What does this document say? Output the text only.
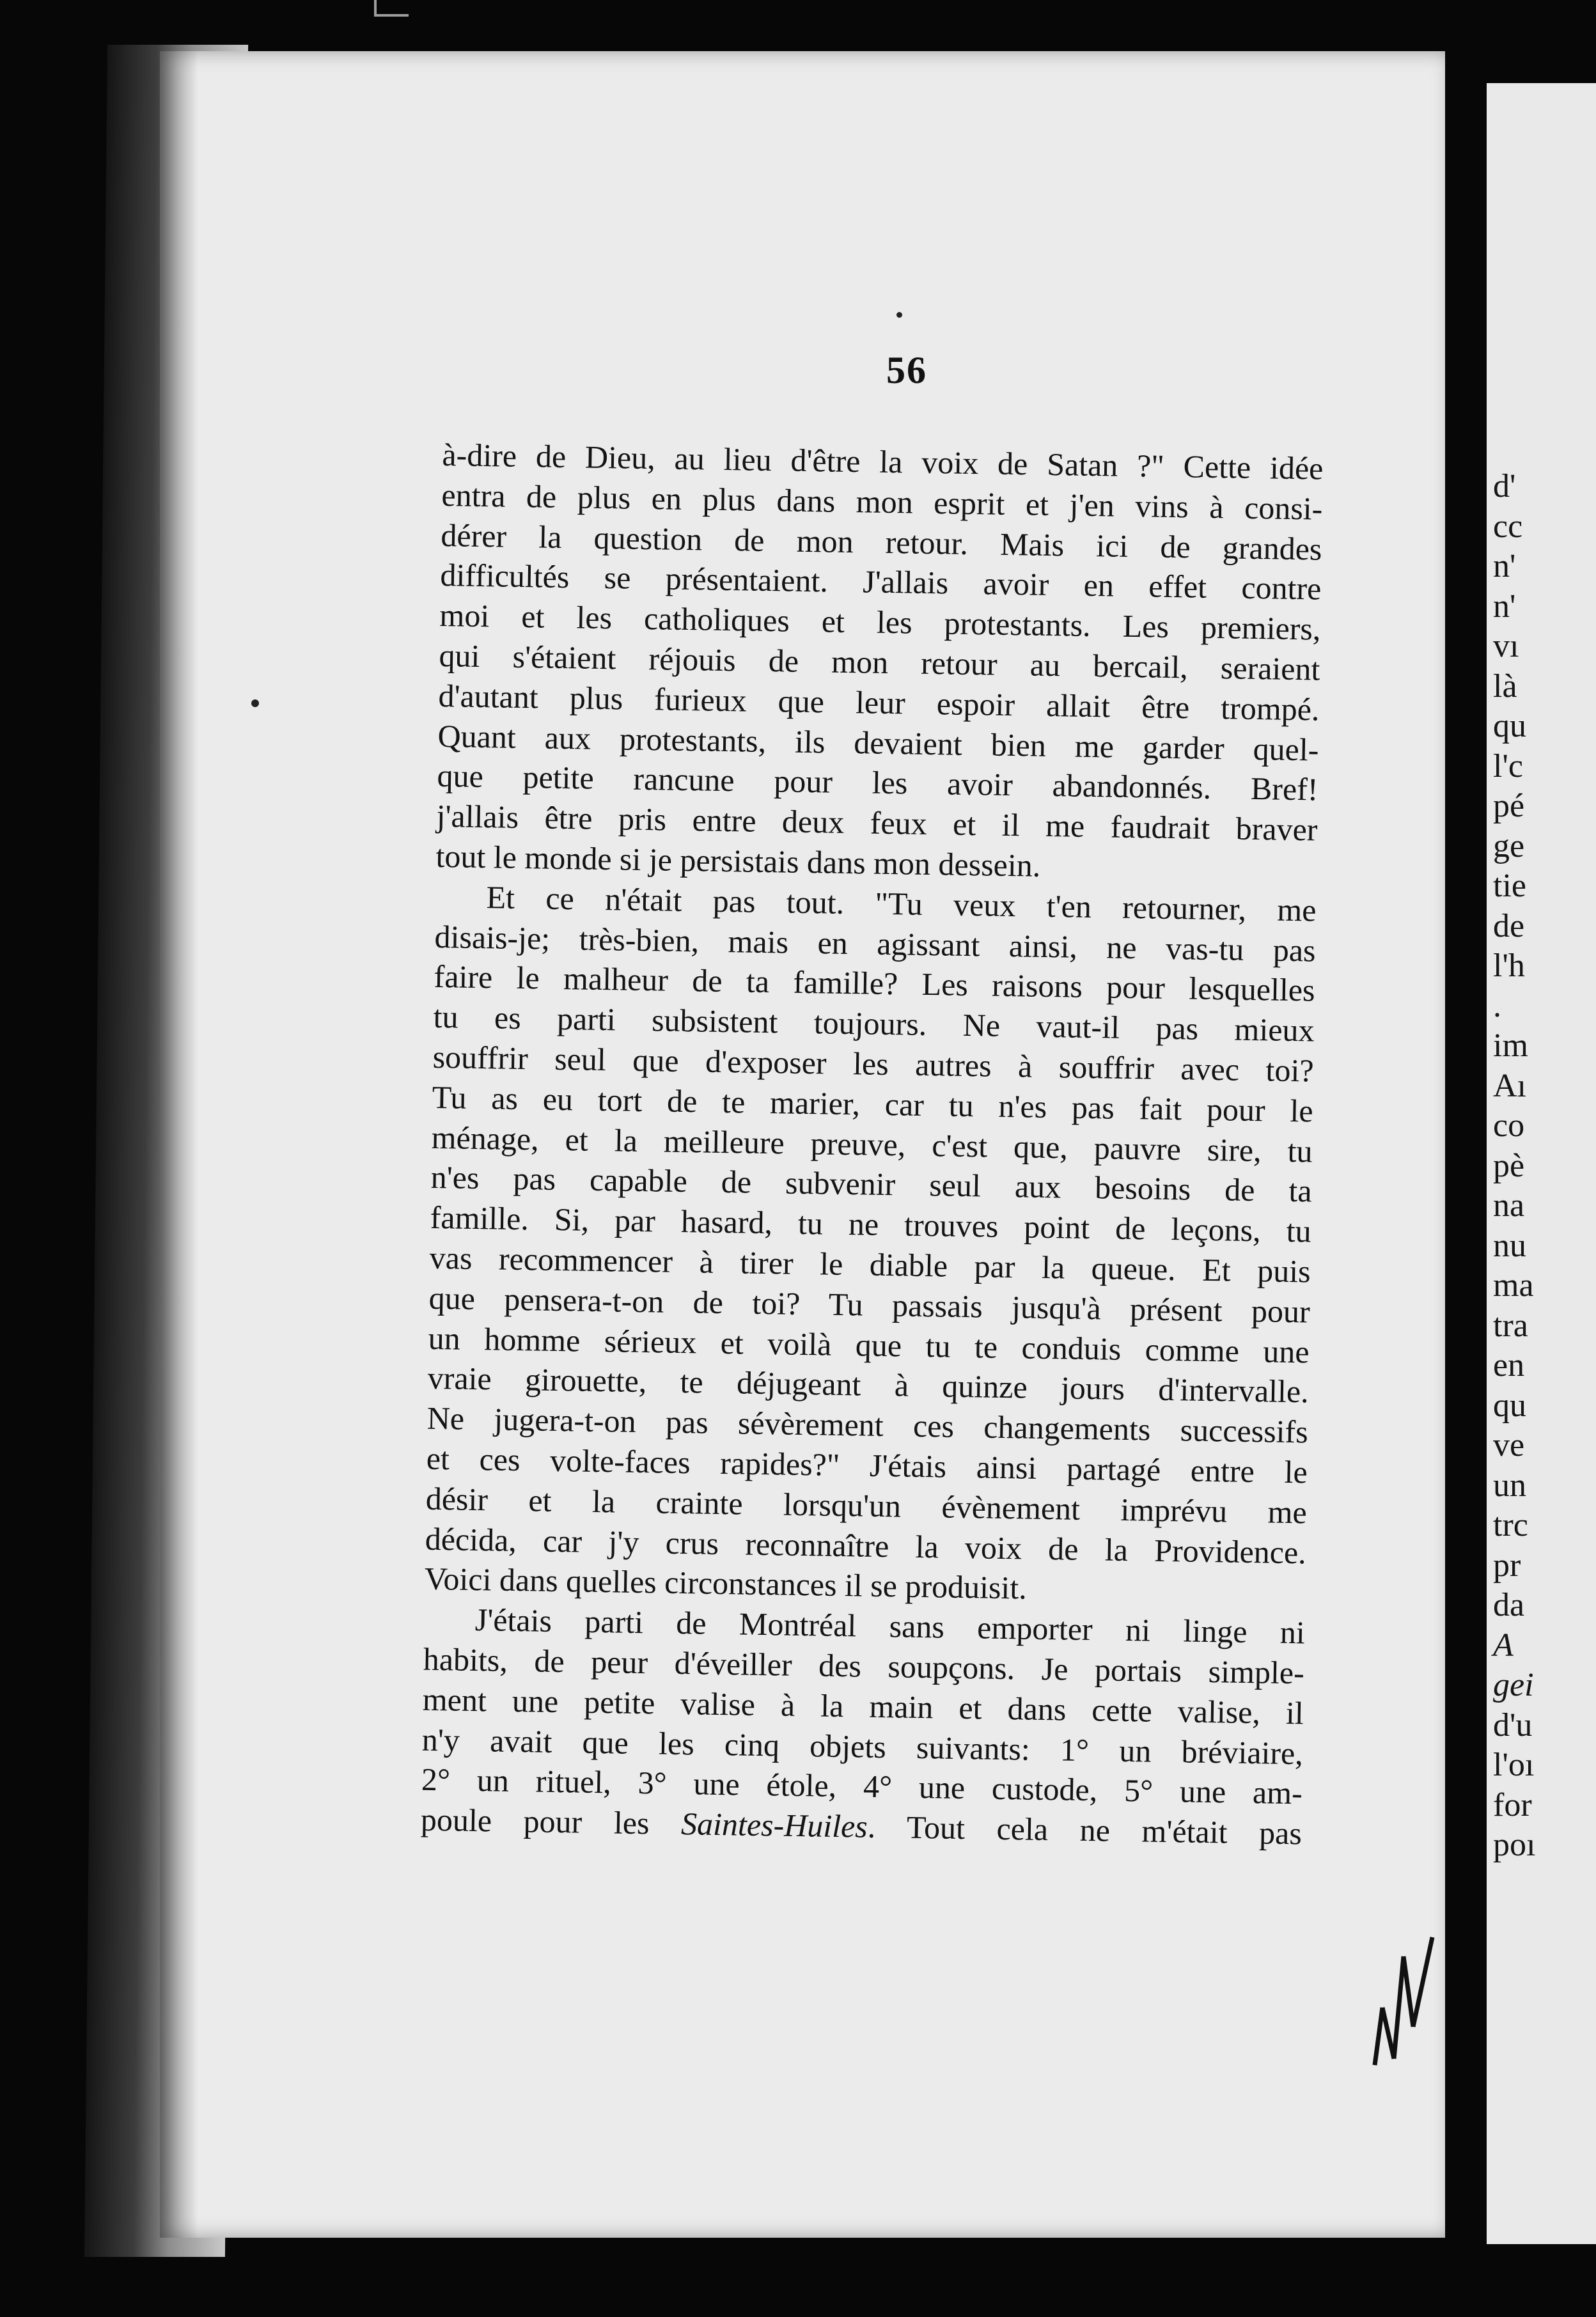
56
à-dire de Dieu, au lieu d'être la voix de Satan ?" Cette idée
entra de plus en plus dans mon esprit et j'en vins à consi-
dérer la question de mon retour. Mais ici de grandes
difficultés se présentaient. J'allais avoir en effet contre
moi et les catholiques et les protestants. Les premiers,
qui s'étaient réjouis de mon retour au bercail, seraient
d'autant plus furieux que leur espoir allait être trompé.
Quant aux protestants, ils devaient bien me garder quel-
que petite rancune pour les avoir abandonnés. Bref!
j'allais être pris entre deux feux et il me faudrait braver
tout le monde si je persistais dans mon dessein.
Et ce n'était pas tout. "Tu veux t'en retourner, me
disais-je; très-bien, mais en agissant ainsi, ne vas-tu pas
faire le malheur de ta famille? Les raisons pour lesquelles
tu es parti subsistent toujours. Ne vaut-il pas mieux
souffrir seul que d'exposer les autres à souffrir avec toi?
Tu as eu tort de te marier, car tu n'es pas fait pour le
ménage, et la meilleure preuve, c'est que, pauvre sire, tu
n'es pas capable de subvenir seul aux besoins de ta
famille. Si, par hasard, tu ne trouves point de leçons, tu
vas recommencer à tirer le diable par la queue. Et puis
que pensera-t-on de toi? Tu passais jusqu'à présent pour
un homme sérieux et voilà que tu te conduis comme une
vraie girouette, te déjugeant à quinze jours d'intervalle.
Ne jugera-t-on pas sévèrement ces changements successifs
et ces volte-faces rapides?" J'étais ainsi partagé entre le
désir et la crainte lorsqu'un évènement imprévu me
décida, car j'y crus reconnaître la voix de la Providence.
Voici dans quelles circonstances il se produisit.
J'étais parti de Montréal sans emporter ni linge ni
habits, de peur d'éveiller des soupçons. Je portais simple-
ment une petite valise à la main et dans cette valise, il
n'y avait que les cinq objets suivants: 1° un bréviaire,
2° un rituel, 3° une étole, 4° une custode, 5° une am-
poule pour les Saintes-Huiles. Tout cela ne m'était pas
d'
cc
n'
n'
vı
là
qu
l'c
pé
ge
tie
de
l'h
.
im
Aı
co
pè
na
nu
ma
tra
en
qu
ve
un
trc
pr
da
A
gei
d'u
l'oı
for
poı
